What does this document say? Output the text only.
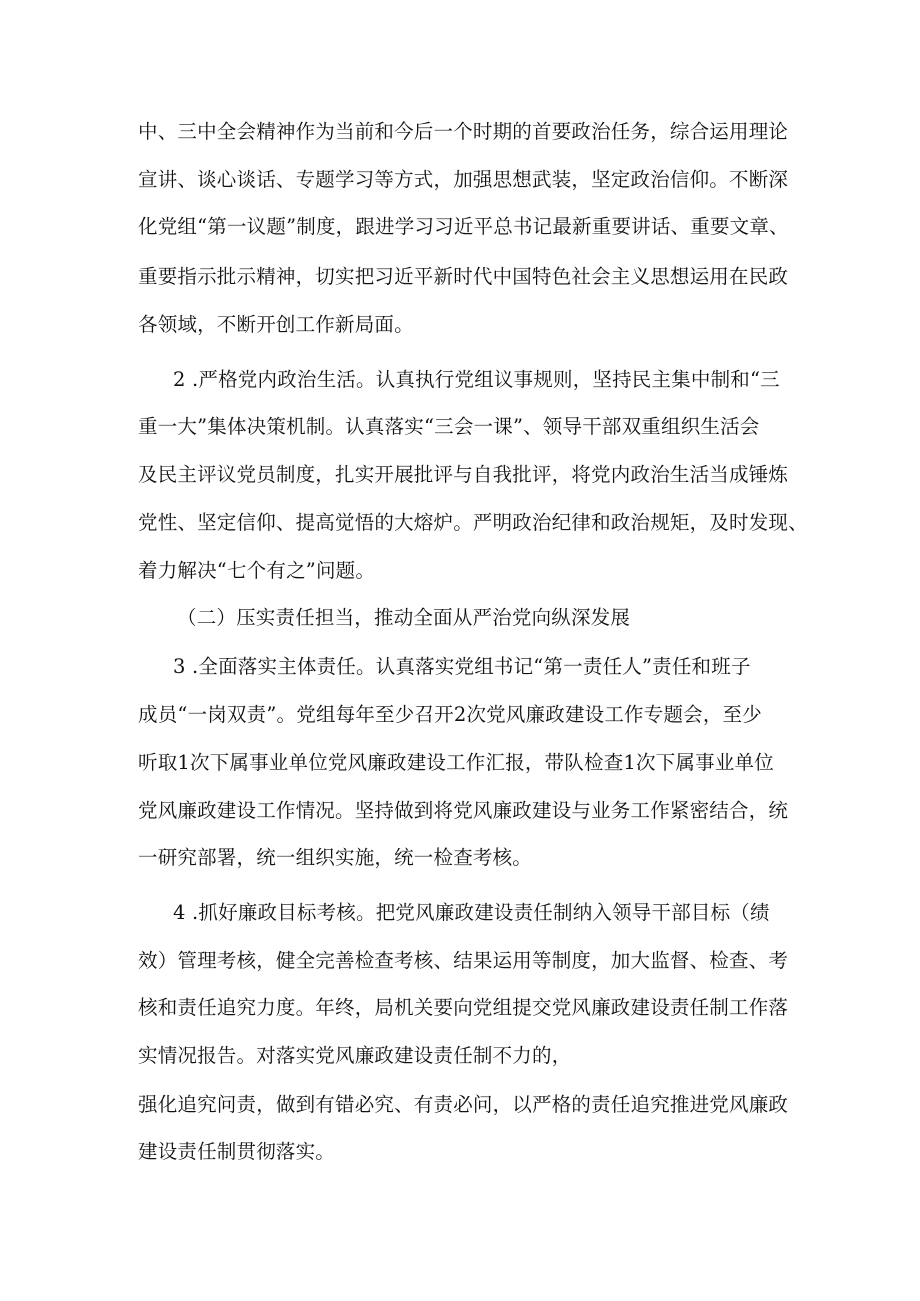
中、三中全会精神作为当前和今后一个时期的首要政治任务，综合运用理论
宣讲、谈心谈话、专题学习等方式，加强思想武装，坚定政治信仰。不断深
化党组“第一议题”制度，跟进学习习近平总书记最新重要讲话、重要文章、
重要指示批示精神，切实把习近平新时代中国特色社会主义思想运用在民政
各领域，不断开创工作新局面。
2 .严格党内政治生活。认真执行党组议事规则，坚持民主集中制和“三
重一大”集体决策机制。认真落实“三会一课”、领导干部双重组织生活会
及民主评议党员制度，扎实开展批评与自我批评，将党内政治生活当成锤炼
党性、坚定信仰、提高觉悟的大熔炉。严明政治纪律和政治规矩，及时发现、
着力解决“七个有之”问题。
（二）压实责任担当，推动全面从严治党向纵深发展
3 .全面落实主体责任。认真落实党组书记“第一责任人”责任和班子
成员“一岗双责”。党组每年至少召开2次党风廉政建设工作专题会，至少
听取1次下属事业单位党风廉政建设工作汇报，带队检查1次下属事业单位
党风廉政建设工作情况。坚持做到将党风廉政建设与业务工作紧密结合，统
一研究部署，统一组织实施，统一检查考核。
4 .抓好廉政目标考核。把党风廉政建设责任制纳入领导干部目标（绩
效）管理考核，健全完善检查考核、结果运用等制度，加大监督、检查、考
核和责任追究力度。年终，局机关要向党组提交党风廉政建设责任制工作落
实情况报告。对落实党风廉政建设责任制不力的，
强化追究问责，做到有错必究、有责必问，以严格的责任追究推进党风廉政
建设责任制贯彻落实。
